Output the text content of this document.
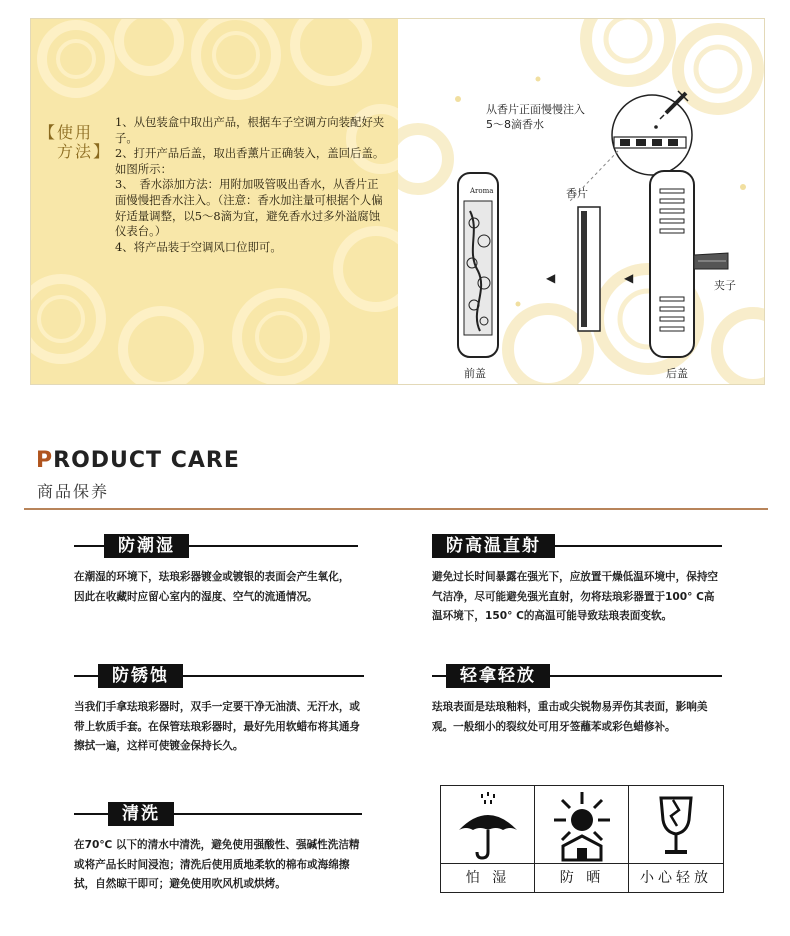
【使用
方法】

1、从包装盒中取出产品，根据车子空调方向装配好夹子。

2、打开产品后盖，取出香薰片正确装入，盖回后盖。如图所示：

3、　香水添加方法：用附加吸管吸出香水，从香片正面慢慢把香水注入。（注意：香水加注量可根据个人偏好适量调整，以5～8滴为宜，避免香水过多外溢腐蚀仪表台。）

4、将产品装于空调风口位即可。

从香片正面慢慢注入
5～8滴香水
香片
Aroma
前盖
◀	◀
夹子
后盖
PRODUCT CARE
商品保养
防潮湿
在潮湿的环境下，珐琅彩器镀金或镀银的表面会产生氧化，因此在收藏时应留心室内的湿度、空气的流通情况。
防高温直射
避免过长时间暴露在强光下，应放置干燥低温环境中，保持空气洁净，尽可能避免强光直射，勿将珐琅彩器置于100° C高温环境下，150° C的高温可能导致珐琅表面变软。
防锈蚀
当我们手拿珐琅彩器时，双手一定要干净无油渍、无汗水，或带上软质手套。在保管珐琅彩器时，最好先用软蜡布将其通身擦拭一遍，这样可使镀金保持长久。
轻拿轻放
珐琅表面是珐琅釉料，重击或尖锐物易弄伤其表面，影响美观。一般细小的裂纹处可用牙签蘸苯或彩色蜡修补。
清洗
在70℃ 以下的清水中清洗，避免使用强酸性、强碱性洗洁精或将产品长时间浸泡；清洗后使用质地柔软的棉布或海绵擦拭，自然晾干即可；避免使用吹风机或烘烤。	怕 湿	防 晒	小心轻放
